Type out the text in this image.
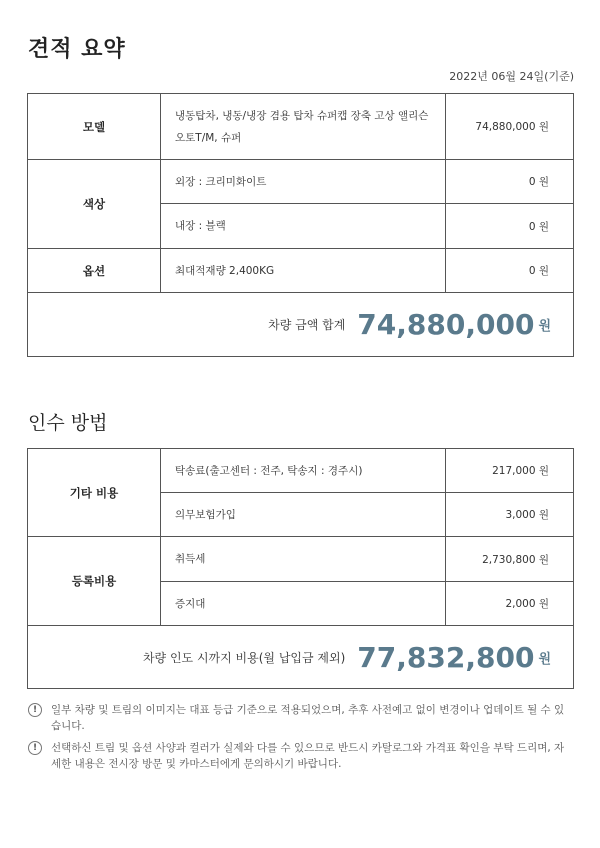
견적 요약
2022년 06월 24일(기준)
모델	냉동탑차, 냉동/냉장 겸용 탑차 슈퍼캡 장축 고상 앨리슨 오토T/M, 슈퍼	74,880,000 원
색상	외장 : 크리미화이트	0 원
	내장 : 블랙	0 원
옵션	최대적재량 2,400KG	0 원
차량 금액 합계 74,880,000 원		
인수 방법
기타 비용	탁송료(출고센터 : 전주, 탁송지 : 경주시)	217,000 원
	의무보험가입	3,000 원
등록비용	취득세	2,730,800 원
	증지대	2,000 원
차량 인도 시까지 비용(월 납입금 제외) 77,832,800 원		
!	일부 차량 및 트림의 이미지는 대표 등급 기준으로 적용되었으며, 추후 사전예고 없이 변경이나 업데이트 될 수 있습니다.
!	선택하신 트림 및 옵션 사양과 컬러가 실제와 다를 수 있으므로 반드시 카탈로그와 가격표 확인을 부탁 드리며, 자세한 내용은 전시장 방문 및 카마스터에게 문의하시기 바랍니다.
